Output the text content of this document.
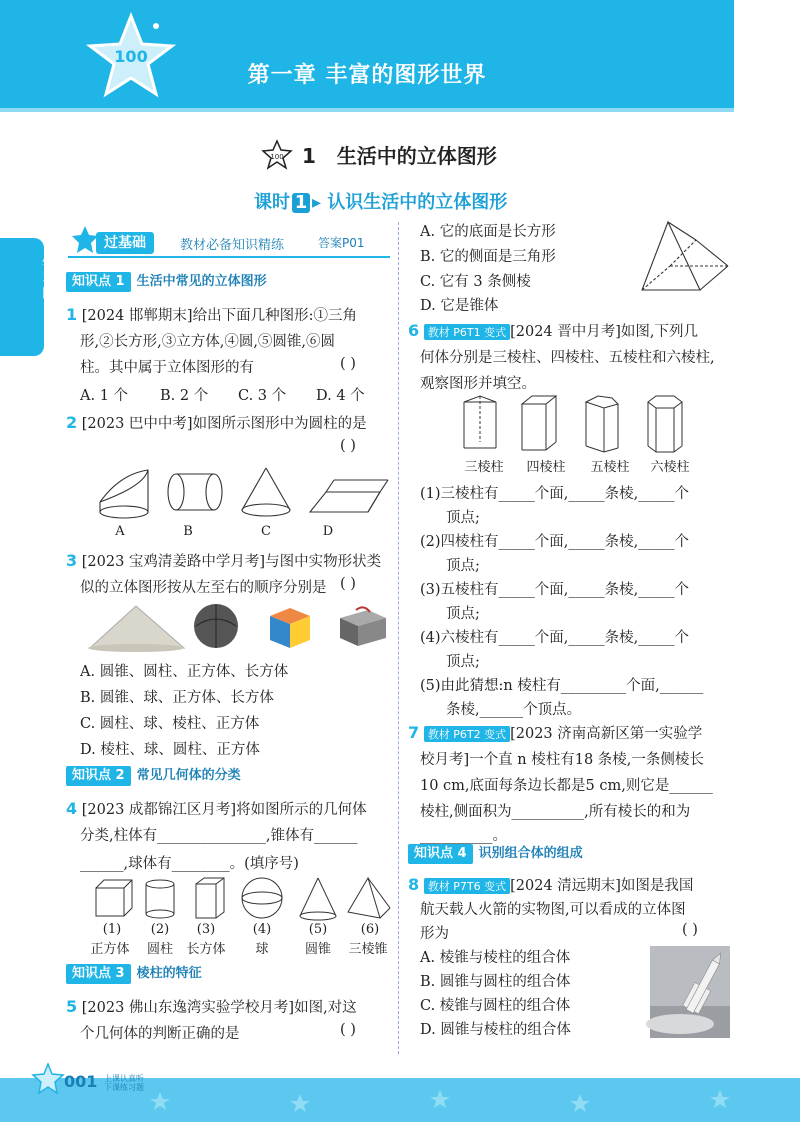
100
第一章 丰富的图形世界
学习区
100 1 生活中的立体图形
课时 1 ▸ 认识生活中的立体图形
过基础	教材必备知识精练	答案P01
知识点 1 生活中常见的立体图形
1 [2024 邯郸期末]给出下面几种图形:①三角
形,②长方形,③立方体,④圆,⑤圆锥,⑥圆
柱。其中属于立体图形的有	( )
A. 1 个 B. 2 个 C. 3 个 D. 4 个
2 [2023 巴中中考]如图所示图形中为圆柱的是
( )
A	B	C	D
3 [2023 宝鸡清姜路中学月考]与图中实物形状类
似的立体图形按从左至右的顺序分别是 ( )
A. 圆锥、圆柱、正方体、长方体
B. 圆锥、球、正方体、长方体
C. 圆柱、球、棱柱、正方体
D. 棱柱、球、圆柱、正方体
知识点 2 常见几何体的分类
4 [2023 成都锦江区月考]将如图所示的几何体
分类,柱体有_______________,锥体有______
______,球体有________。(填序号)
(1)	(2)	(3)	(4)	(5)	(6)
正方体	圆柱	长方体	球	圆锥	三棱锥
知识点 3 棱柱的特征
5 [2023 佛山东逸湾实验学校月考]如图,对这
个几何体的判断正确的是	( )
A. 它的底面是长方形
B. 它的侧面是三角形
C. 它有 3 条侧棱
D. 它是锥体
6 教材 P6T1 变式 [2024 晋中月考]如图,下列几
何体分别是三棱柱、四棱柱、五棱柱和六棱柱,
观察图形并填空。
三棱柱	四棱柱	五棱柱	六棱柱
(1)三棱柱有_____个面,_____条棱,_____个
顶点;
(2)四棱柱有_____个面,_____条棱,_____个
顶点;
(3)五棱柱有_____个面,_____条棱,_____个
顶点;
(4)六棱柱有_____个面,_____条棱,_____个
顶点;
(5)由此猜想:n 棱柱有_________个面,______
条棱,______个顶点。
7 教材 P6T2 变式 [2023 济南高新区第一实验学
校月考]一个直 n 棱柱有18 条棱,一条侧棱长
10 cm,底面每条边长都是5 cm,则它是______
棱柱,侧面积为__________,所有棱长的和为
__________。
知识点 4 识别组合体的组成
8 教材 P7T6 变式 [2024 清远期末]如图是我国
航天载人火箭的实物图,可以看成的立体图
形为	( )
A. 棱锥与棱柱的组合体
B. 圆锥与圆柱的组合体
C. 棱锥与圆柱的组合体
D. 圆锥与棱柱的组合体
001 上课认真听
下课练习题
